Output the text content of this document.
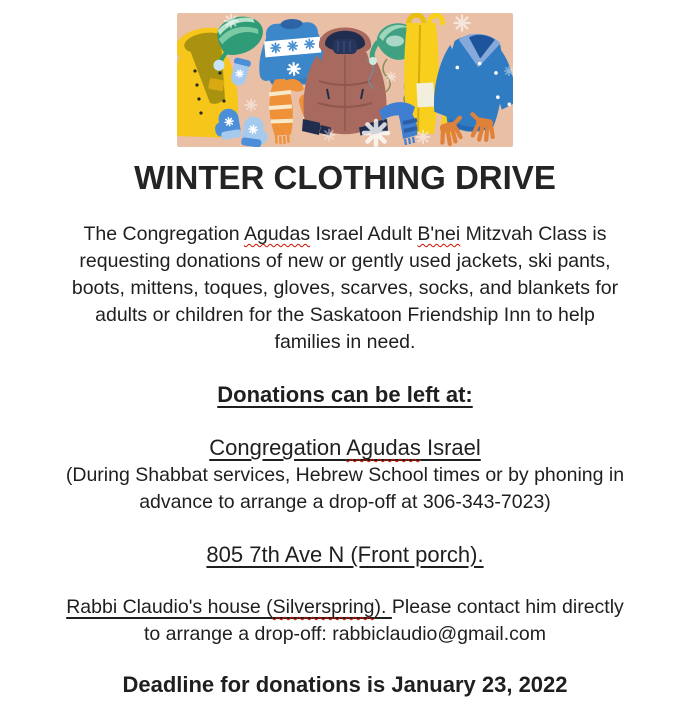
WINTER CLOTHING DRIVE
The Congregation Agudas Israel Adult B'nei Mitzvah Class is
requesting donations of new or gently used jackets, ski pants,
boots, mittens, toques, gloves, scarves, socks, and blankets for
adults or children for the Saskatoon Friendship Inn to help
families in need.
Donations can be left at:
Congregation Agudas Israel
(During Shabbat services, Hebrew School times or by phoning in
advance to arrange a drop-off at 306-343-7023)
805 7th Ave N (Front porch).
Rabbi Claudio's house (Silverspring). Please contact him directly
to arrange a drop-off: rabbiclaudio@gmail.com
Deadline for donations is January 23, 2022
